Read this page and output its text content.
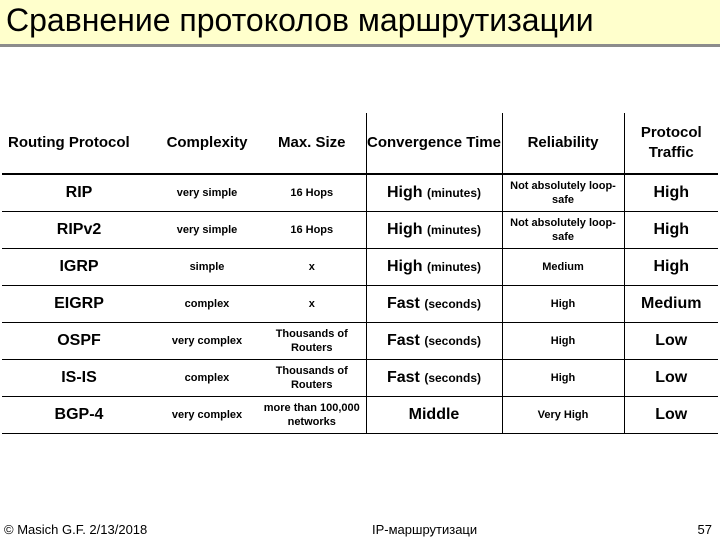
Сравнение протоколов маршрутизации
Routing Protocol	Complexity	Max. Size	Convergence Time	Reliability	Protocol Traffic
RIP	very simple	16 Hops	High (minutes)	Not absolutely loop-safe	High
RIPv2	very simple	16 Hops	High (minutes)	Not absolutely loop-safe	High
IGRP	simple	x	High (minutes)	Medium	High
EIGRP	complex	x	Fast (seconds)	High	Medium
OSPF	very complex	Thousands of Routers	Fast (seconds)	High	Low
IS-IS	complex	Thousands of Routers	Fast (seconds)	High	Low
BGP-4	very complex	more than 100,000 networks	Middle	Very High	Low
© Masich G.F. 2/13/2018	IP-маршрутизаци	57
